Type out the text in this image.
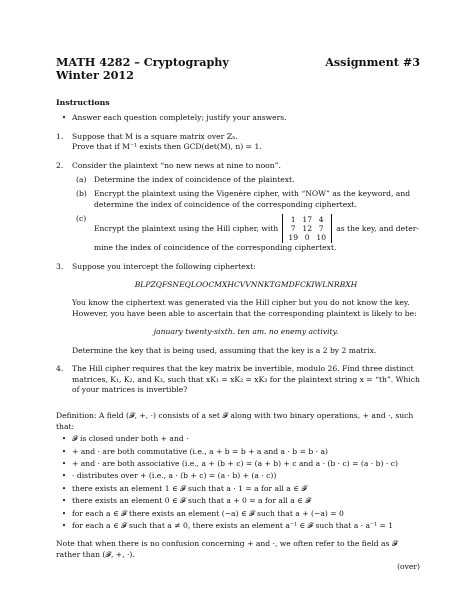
MATH 4282 – Cryptography	Assignment #3
Winter 2012
Instructions
• Answer each question completely; justify your answers.
1.	Suppose that M is a square matrix over ℤₙ.
Prove that if M⁻¹ exists then GCD(det(M), n) = 1.
2.	Consider the plaintext “no new news at nine to noon”.
(a) Determine the index of coincidence of the plaintext.
(b) Encrypt the plaintext using the Vigenère cipher, with “NOW” as the keyword, and determine the index of coincidence of the corresponding ciphertext.
(c)
Encrypt the plaintext using the Hill cipher, with
1 17 4
7 12 7
19 0 10
as the key, and deter-
mine the index of coincidence of the corresponding ciphertext.
3.	Suppose you intercept the following ciphertext:
BLPZQFSNEQLOOCMXHCVVNNKTGMDFCKIWLNRBXH
You know the ciphertext was generated via the Hill cipher but you do not know the key. However, you have been able to ascertain that the corresponding plaintext is likely to be:
january twenty-sixth. ten am. no enemy activity.
Determine the key that is being used, assuming that the key is a 2 by 2 matrix.
4.	The Hill cipher requires that the key matrix be invertible, modulo 26. Find three distinct matrices, K₁, K₂, and K₃, such that xK₁ = xK₂ = xK₃ for the plaintext string x = “th”. Which of your matrices is invertible?
Definition: A field (𝓕, +, ·) consists of a set 𝓕 along with two binary operations, + and ·, such that:
• 𝓕 is closed under both + and ·
• + and · are both commutative (i.e., a + b = b + a and a · b = b · a)
• + and · are both associative (i.e., a + (b + c) = (a + b) + c and a · (b · c) = (a · b) · c)
• · distributes over + (i.e., a · (b + c) = (a · b) + (a · c))
• there exists an element 1 ∈ 𝓕 such that a · 1 = a for all a ∈ 𝓕
• there exists an element 0 ∈ 𝓕 such that a + 0 = a for all a ∈ 𝓕
• for each a ∈ 𝓕 there exists an element (−a) ∈ 𝓕 such that a + (−a) = 0
• for each a ∈ 𝓕 such that a ≠ 0, there exists an element a⁻¹ ∈ 𝓕 such that a · a⁻¹ = 1
Note that when there is no confusion concerning + and ·, we often refer to the field as 𝓕 rather than (𝓕, +, ·).
(over)
